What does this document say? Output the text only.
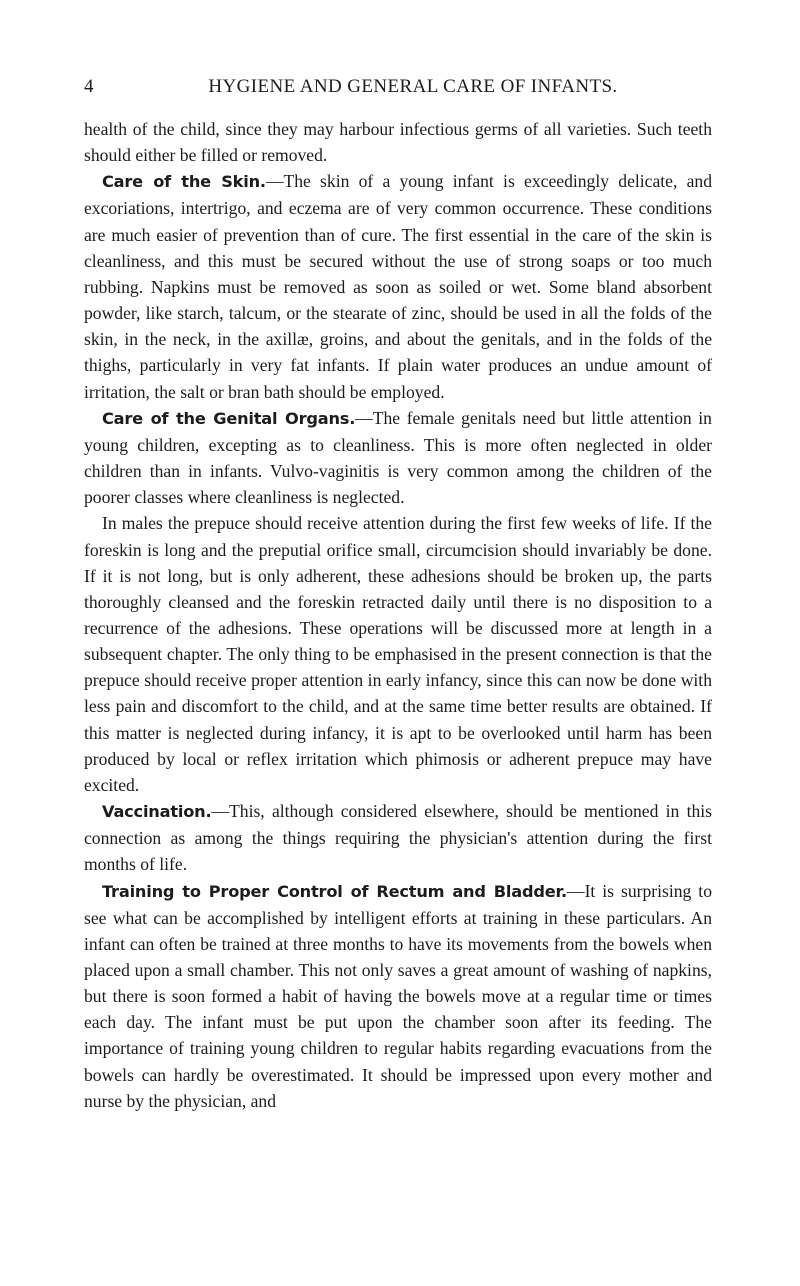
4	HYGIENE AND GENERAL CARE OF INFANTS.

health of the child, since they may harbour infectious germs of all varieties. Such teeth should either be filled or removed.

Care of the Skin.—The skin of a young infant is exceedingly delicate, and excoriations, intertrigo, and eczema are of very common occurrence. These conditions are much easier of prevention than of cure. The first essential in the care of the skin is cleanliness, and this must be secured without the use of strong soaps or too much rubbing. Napkins must be removed as soon as soiled or wet. Some bland absorbent powder, like starch, talcum, or the stearate of zinc, should be used in all the folds of the skin, in the neck, in the axillæ, groins, and about the genitals, and in the folds of the thighs, particularly in very fat infants. If plain water produces an undue amount of irritation, the salt or bran bath should be employed.

Care of the Genital Organs.—The female genitals need but little attention in young children, excepting as to cleanliness. This is more often neglected in older children than in infants. Vulvo-vaginitis is very common among the children of the poorer classes where cleanliness is neglected.

In males the prepuce should receive attention during the first few weeks of life. If the foreskin is long and the preputial orifice small, circumcision should invariably be done. If it is not long, but is only adherent, these adhesions should be broken up, the parts thoroughly cleansed and the foreskin retracted daily until there is no disposition to a recurrence of the adhesions. These operations will be discussed more at length in a subsequent chapter. The only thing to be emphasised in the present connection is that the prepuce should receive proper attention in early infancy, since this can now be done with less pain and discomfort to the child, and at the same time better results are obtained. If this matter is neglected during infancy, it is apt to be overlooked until harm has been produced by local or reflex irritation which phimosis or adherent prepuce may have excited.

Vaccination.—This, although considered elsewhere, should be mentioned in this connection as among the things requiring the physician's attention during the first months of life.

Training to Proper Control of Rectum and Bladder.—It is surprising to see what can be accomplished by intelligent efforts at training in these particulars. An infant can often be trained at three months to have its movements from the bowels when placed upon a small chamber. This not only saves a great amount of washing of napkins, but there is soon formed a habit of having the bowels move at a regular time or times each day. The infant must be put upon the chamber soon after its feeding. The importance of training young children to regular habits regarding evacuations from the bowels can hardly be overestimated. It should be impressed upon every mother and nurse by the physician, and
